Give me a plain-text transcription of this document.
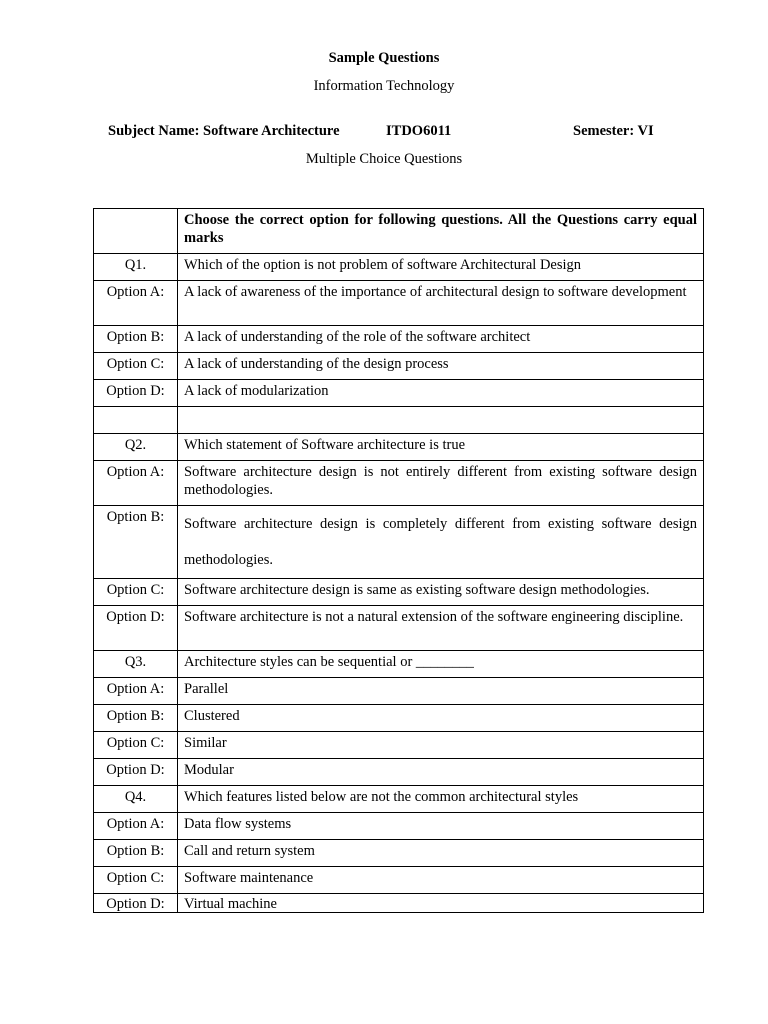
Sample Questions
Information Technology
Subject Name: Software Architecture	ITDO6011	Semester: VI
Multiple Choice Questions
	Choose the correct option for following questions. All the Questions carry equal marks
Q1.	Which of the option is not problem of software Architectural Design
Option A:	A lack of awareness of the importance of architectural design to software development
Option B:	A lack of understanding of the role of the software architect
Option C:	A lack of understanding of the design process
Option D:	A lack of modularization

Q2.	Which statement of Software architecture is true
Option A:	Software architecture design is not entirely different from existing software design methodologies.
Option B:	Software architecture design is completely different from existing software design methodologies.
Option C:	Software architecture design is same as existing software design methodologies.
Option D:	Software architecture is not a natural extension of the software engineering discipline.
Q3.	Architecture styles can be sequential or ________
Option A:	Parallel
Option B:	Clustered
Option C:	Similar
Option D:	Modular
Q4.	Which features listed below are not the common architectural styles
Option A:	Data flow systems
Option B:	Call and return system
Option C:	Software maintenance
Option D:	Virtual machine
